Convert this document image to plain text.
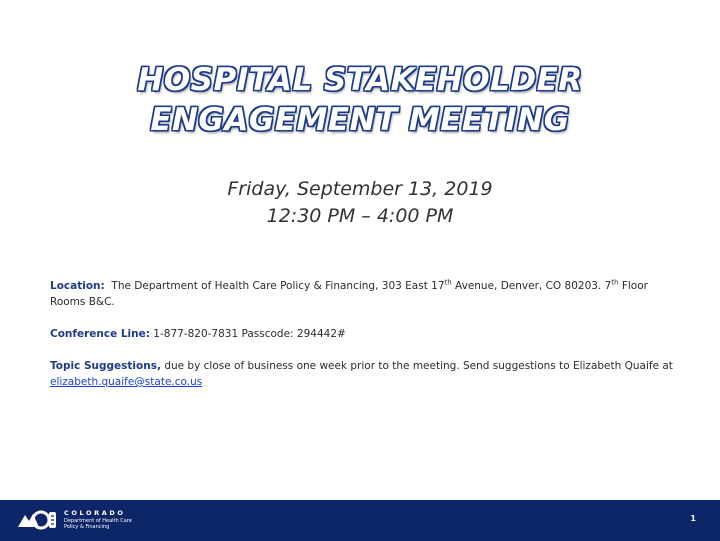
HOSPITAL STAKEHOLDER
ENGAGEMENT MEETING
Friday, September 13, 2019
12:30 PM – 4:00 PM

Location: The Department of Health Care Policy & Financing, 303 East 17th Avenue, Denver, CO 80203. 7th Floor Rooms B&C.

Conference Line: 1-877-820-7831 Passcode: 294442#

Topic Suggestions, due by close of business one week prior to the meeting. Send suggestions to Elizabeth Quaife at elizabeth.quaife@state.co.us

COLORADO
Department of Health Care
Policy & Financing
1
